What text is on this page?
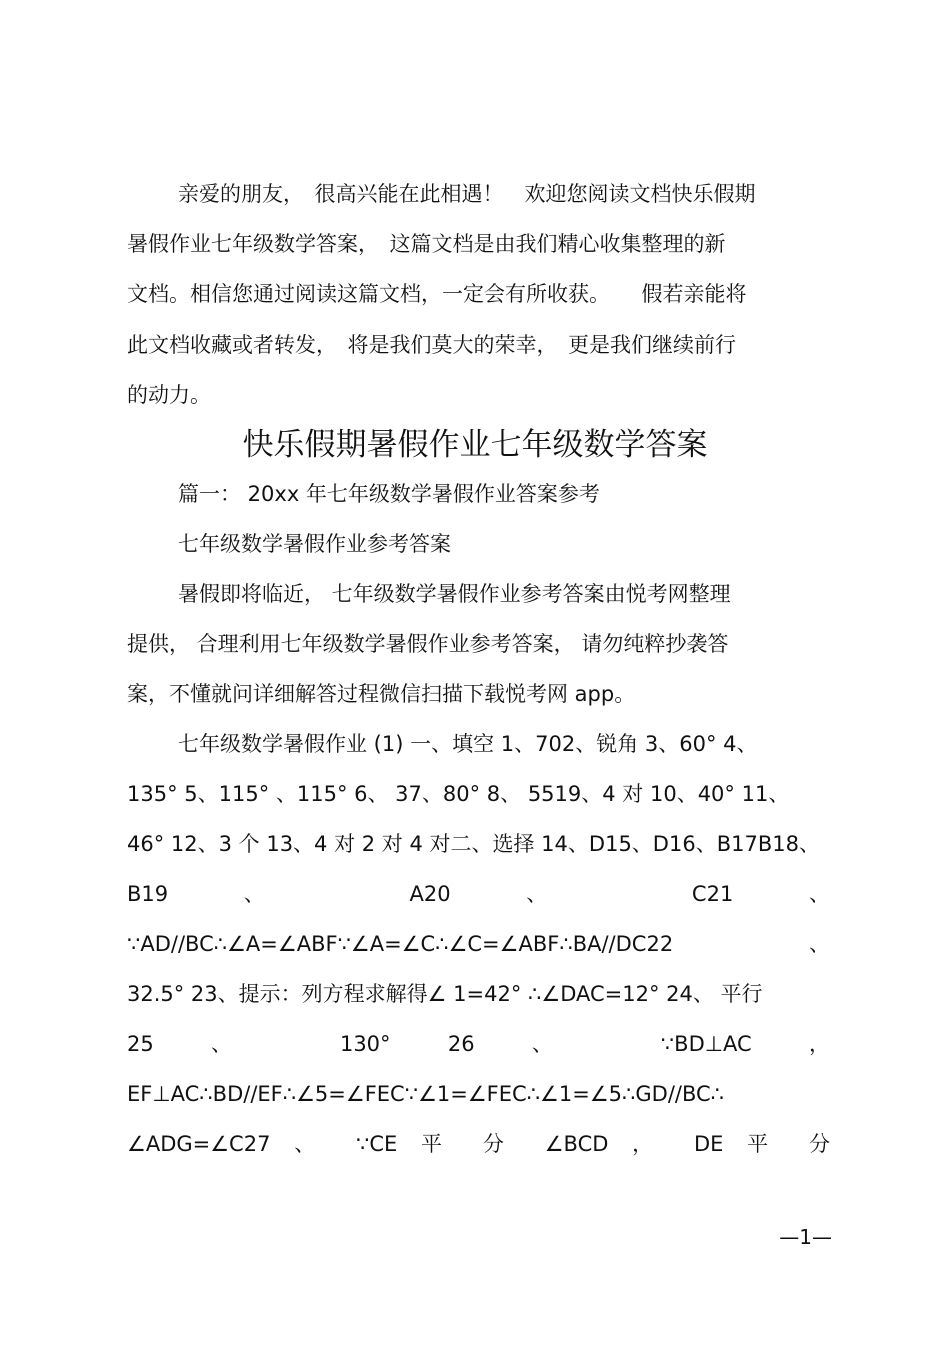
亲爱的朋友，　很高兴能在此相遇！　欢迎您阅读文档快乐假期
暑假作业七年级数学答案，　这篇文档是由我们精心收集整理的新
文档。相信您通过阅读这篇文档，一定会有所收获。　　假若亲能将
此文档收藏或者转发，　将是我们莫大的荣幸，　更是我们继续前行
的动力。
快乐假期暑假作业七年级数学答案
篇一： 20xx 年七年级数学暑假作业答案参考
七年级数学暑假作业参考答案
暑假即将临近， 七年级数学暑假作业参考答案由悦考网整理
提供， 合理利用七年级数学暑假作业参考答案， 请勿纯粹抄袭答
案，不懂就问详细解答过程微信扫描下载悦考网 app。
七年级数学暑假作业 (1) 一、填空 1、702、锐角 3、60° 4、
135° 5、115° 、115° 6、 37、80° 8、 5519、4 对 10、40° 11、
46° 12、3 个 13、4 对 2 对 4 对二、选择 14、D15、D16、B17B18、
B19 、 A20 、 C21 、
∵AD//BC∴∠A=∠ABF∵∠A=∠C∴∠C=∠ABF∴BA//DC22 、
32.5° 23、提示：列方程求解得∠ 1=42° ∴∠DAC=12° 24、 平行
25 、 130° 26 、 ∵BD⊥AC ，
EF⊥AC∴BD//EF∴∠5=∠FEC∵∠1=∠FEC∴∠1=∠5∴GD//BC∴
∠ADG=∠C27 、 ∵CE 平 分 ∠BCD ， DE 平 分
—1—
